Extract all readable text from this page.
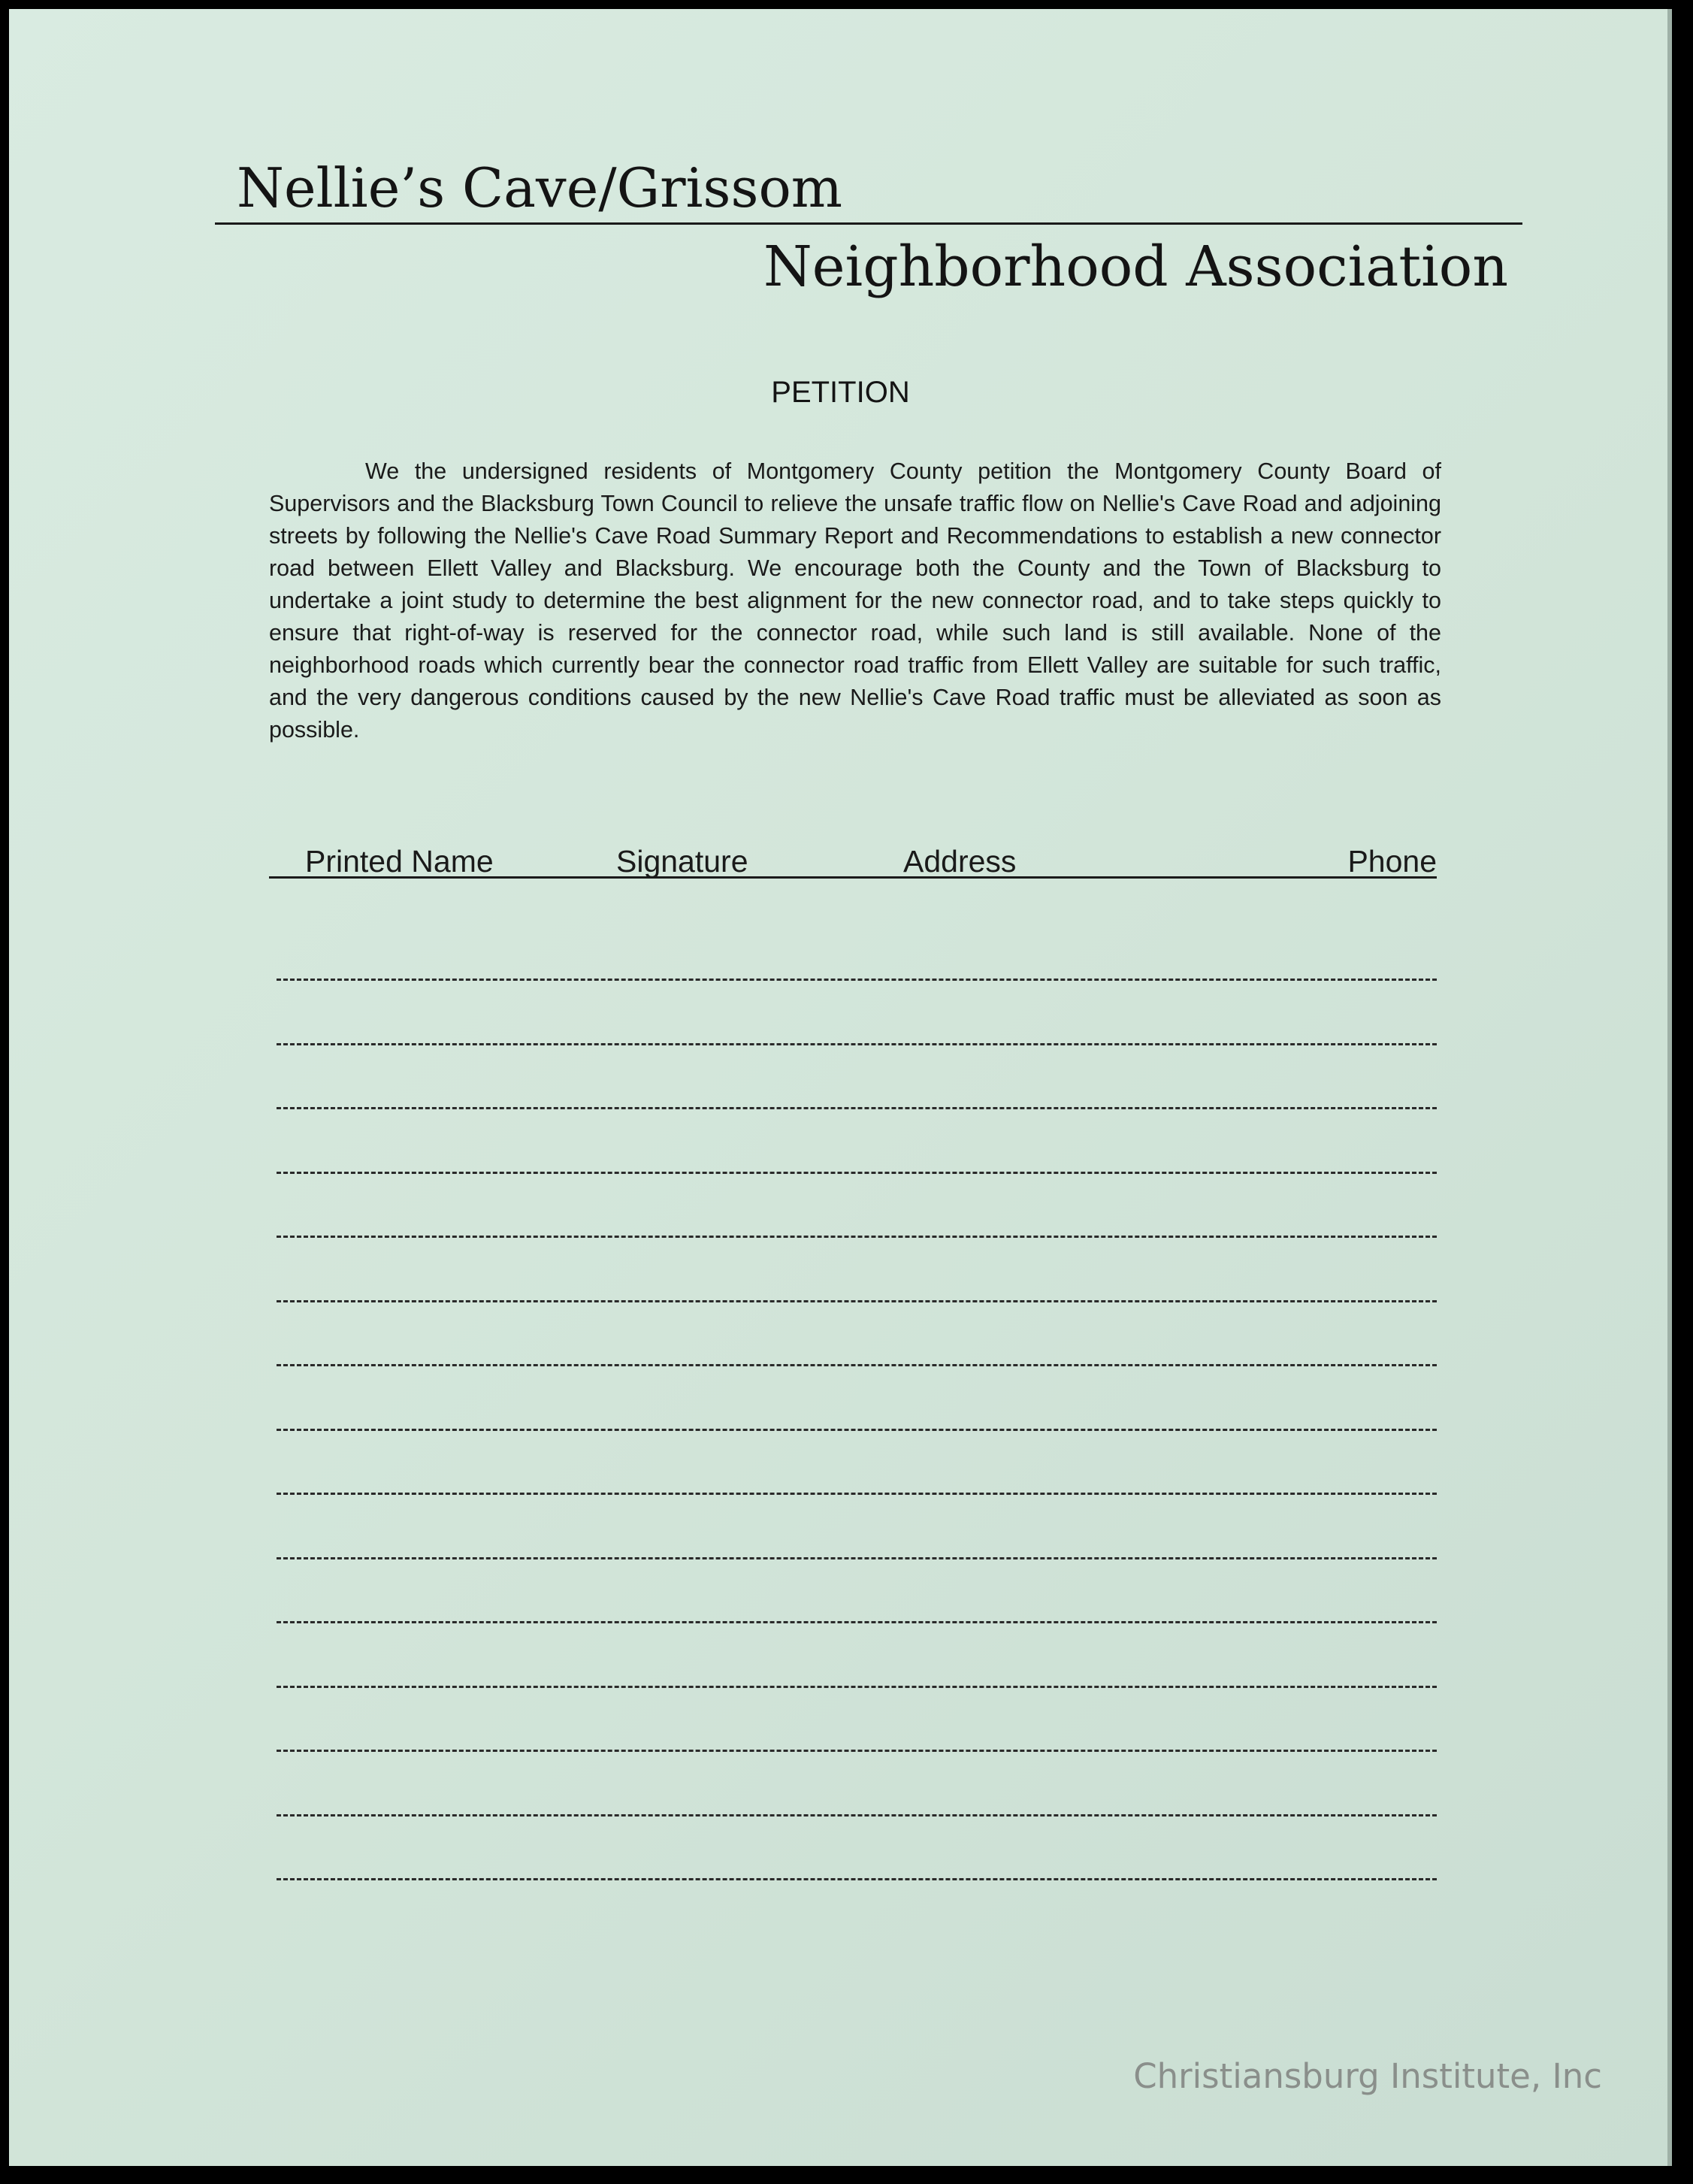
Nellie’s Cave/Grissom
Neighborhood Association
PETITION

We the undersigned residents of Montgomery County petition the Montgomery County Board of Supervisors and the Blacksburg Town Council to relieve the unsafe traffic flow on Nellie's Cave Road and adjoining streets by following the Nellie's Cave Road Summary Report and Recommendations to establish a new connector road between Ellett Valley and Blacksburg. We encourage both the County and the Town of Blacksburg to undertake a joint study to determine the best alignment for the new connector road, and to take steps quickly to ensure that right-of-way is reserved for the connector road, while such land is still available. None of the neighborhood roads which currently bear the connector road traffic from Ellett Valley are suitable for such traffic, and the very dangerous conditions caused by the new Nellie's Cave Road traffic must be alleviated as soon as possible.

Printed Name	Signature	Address	Phone

Christiansburg Institute, Inc
